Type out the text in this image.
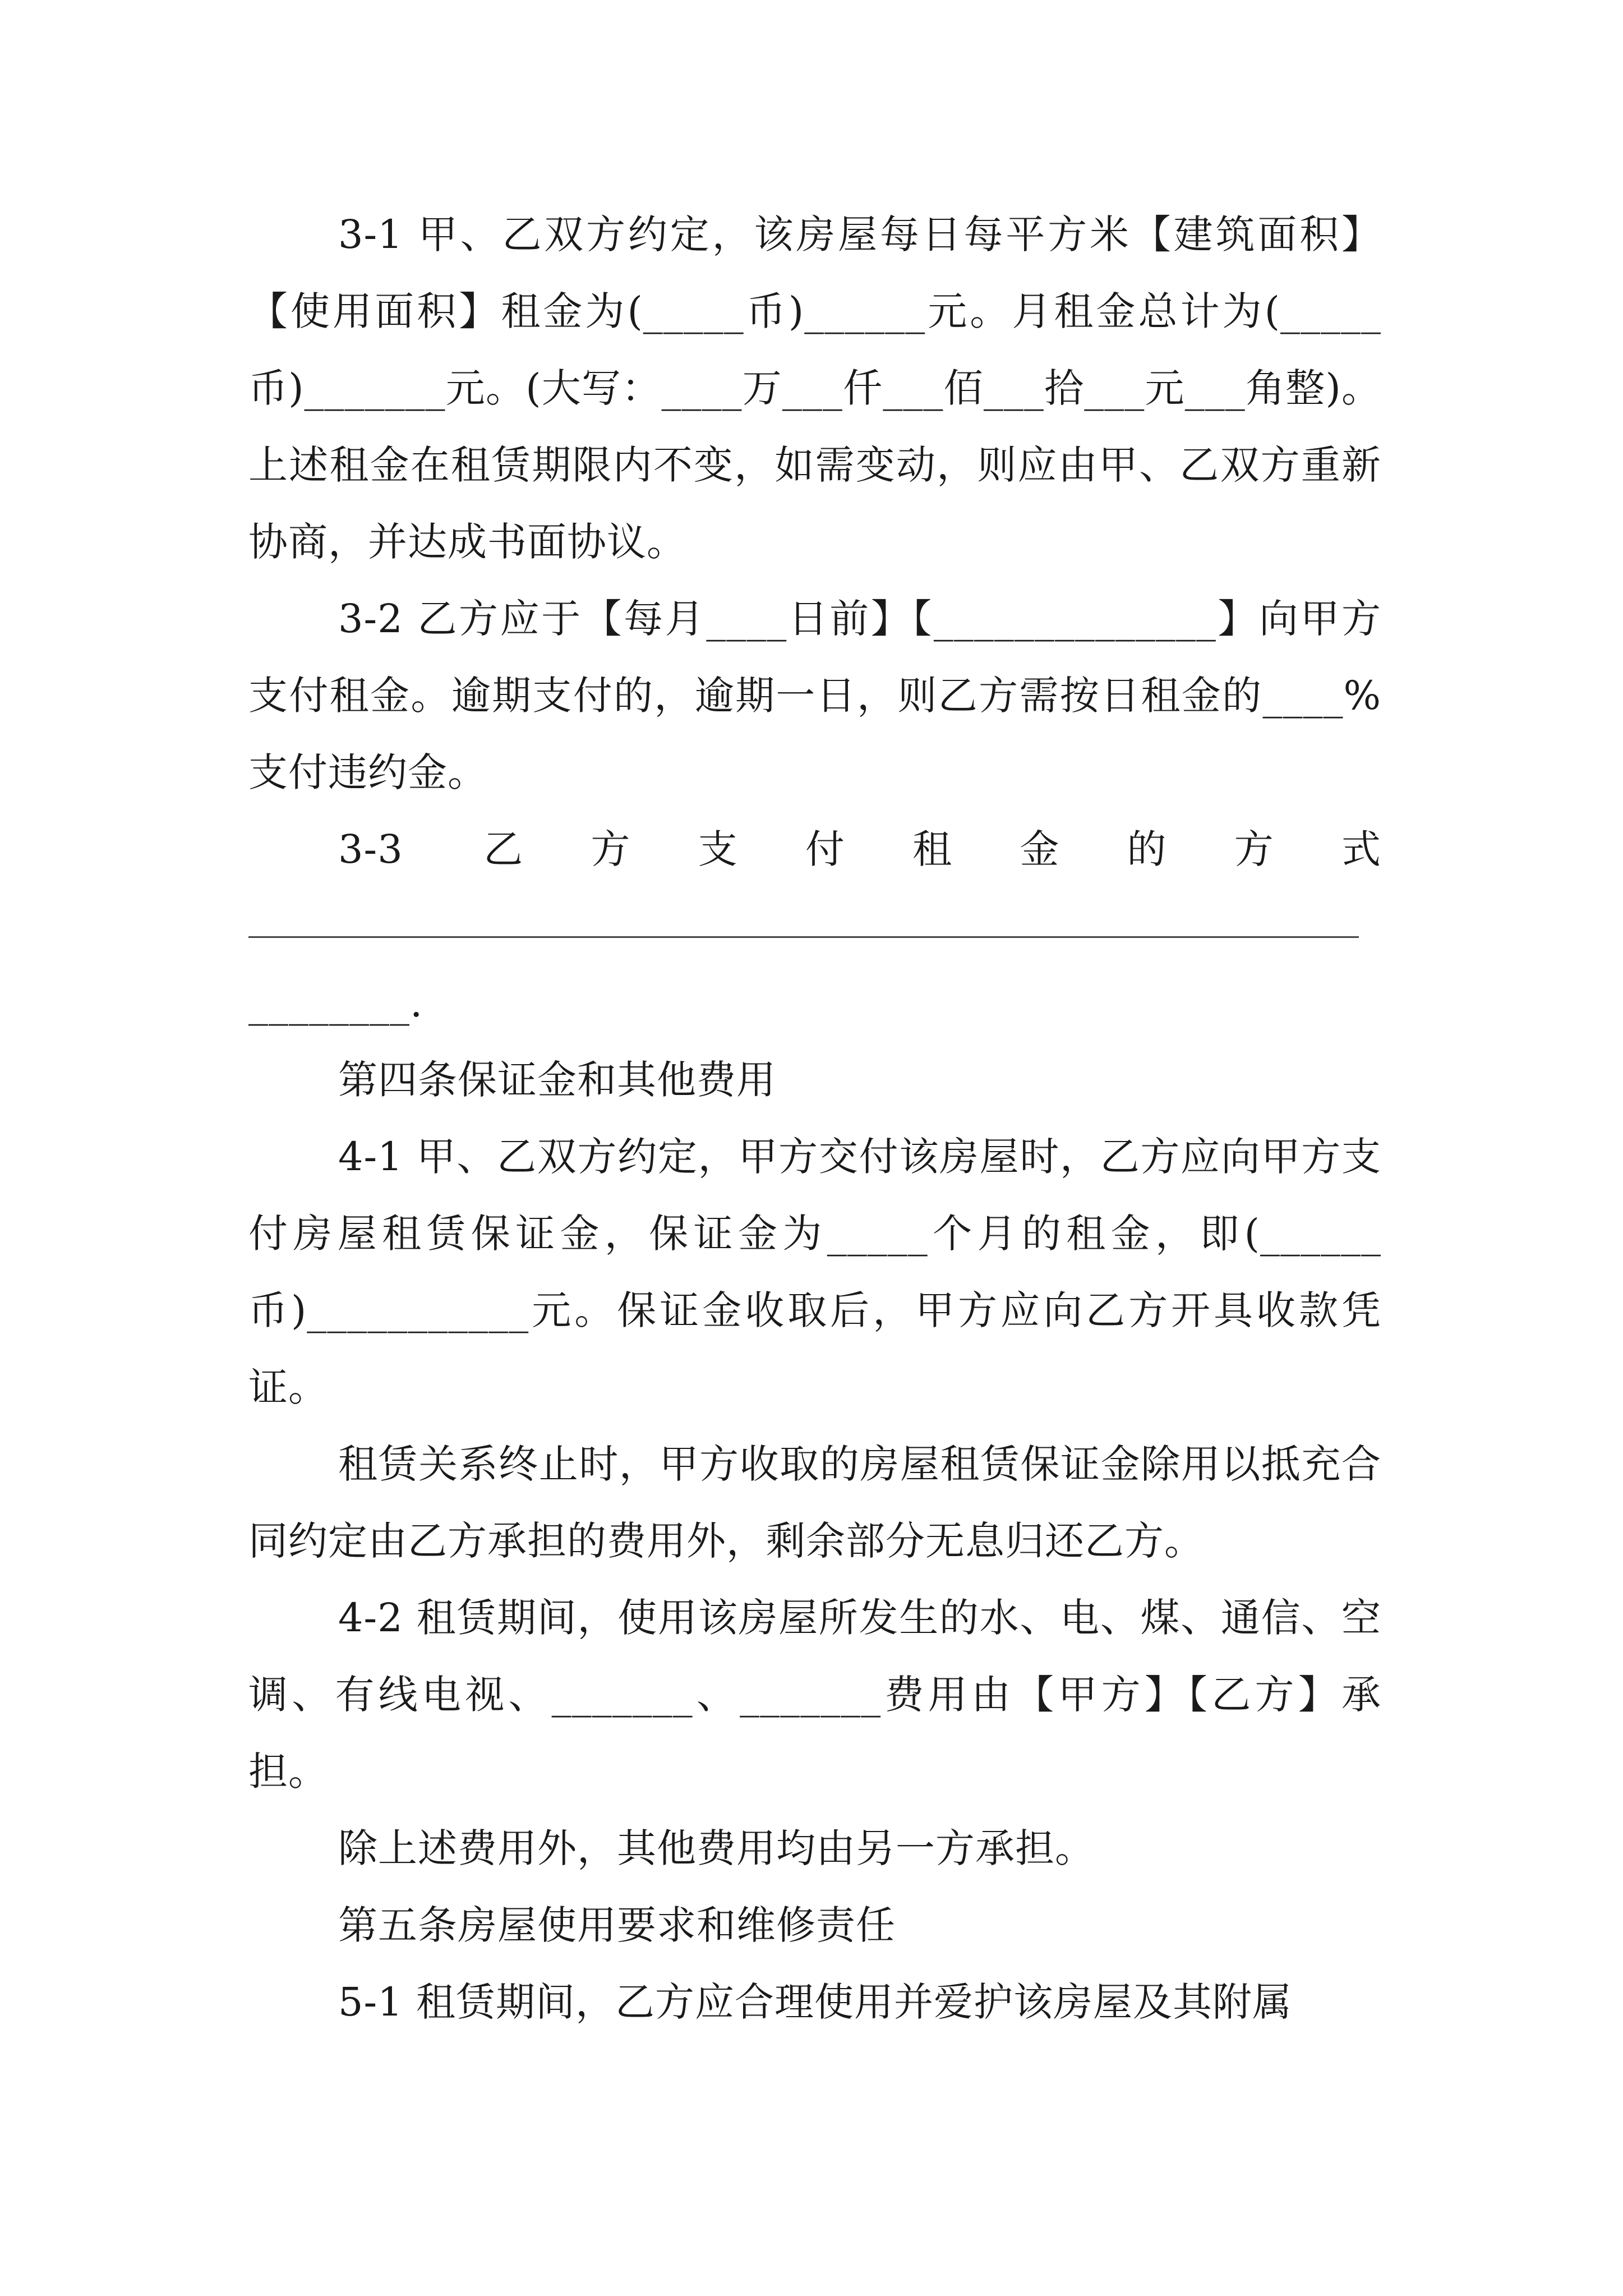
3-1 甲、乙双方约定，该房屋每日每平方米【建筑面积】【使用面积】租金为(_____币)______元。月租金总计为(_____币)_______元。(大写：____万___仟___佰___拾___元___角整)。上述租金在租赁期限内不变，如需变动，则应由甲、乙双方重新协商，并达成书面协议。

3-2 乙方应于【每月____日前】【______________】向甲方支付租金。逾期支付的，逾期一日，则乙方需按日租金的____%支付违约金。

3-3 乙方支付租金的方式

________.

第四条保证金和其他费用

4-1 甲、乙双方约定，甲方交付该房屋时，乙方应向甲方支付房屋租赁保证金，保证金为_____个月的租金，即(______币)___________元。保证金收取后，甲方应向乙方开具收款凭证。

租赁关系终止时，甲方收取的房屋租赁保证金除用以抵充合同约定由乙方承担的费用外，剩余部分无息归还乙方。

4-2 租赁期间，使用该房屋所发生的水、电、煤、通信、空调、有线电视、_______、_______费用由【甲方】【乙方】承担。

除上述费用外，其他费用均由另一方承担。

第五条房屋使用要求和维修责任

5-1 租赁期间，乙方应合理使用并爱护该房屋及其附属
